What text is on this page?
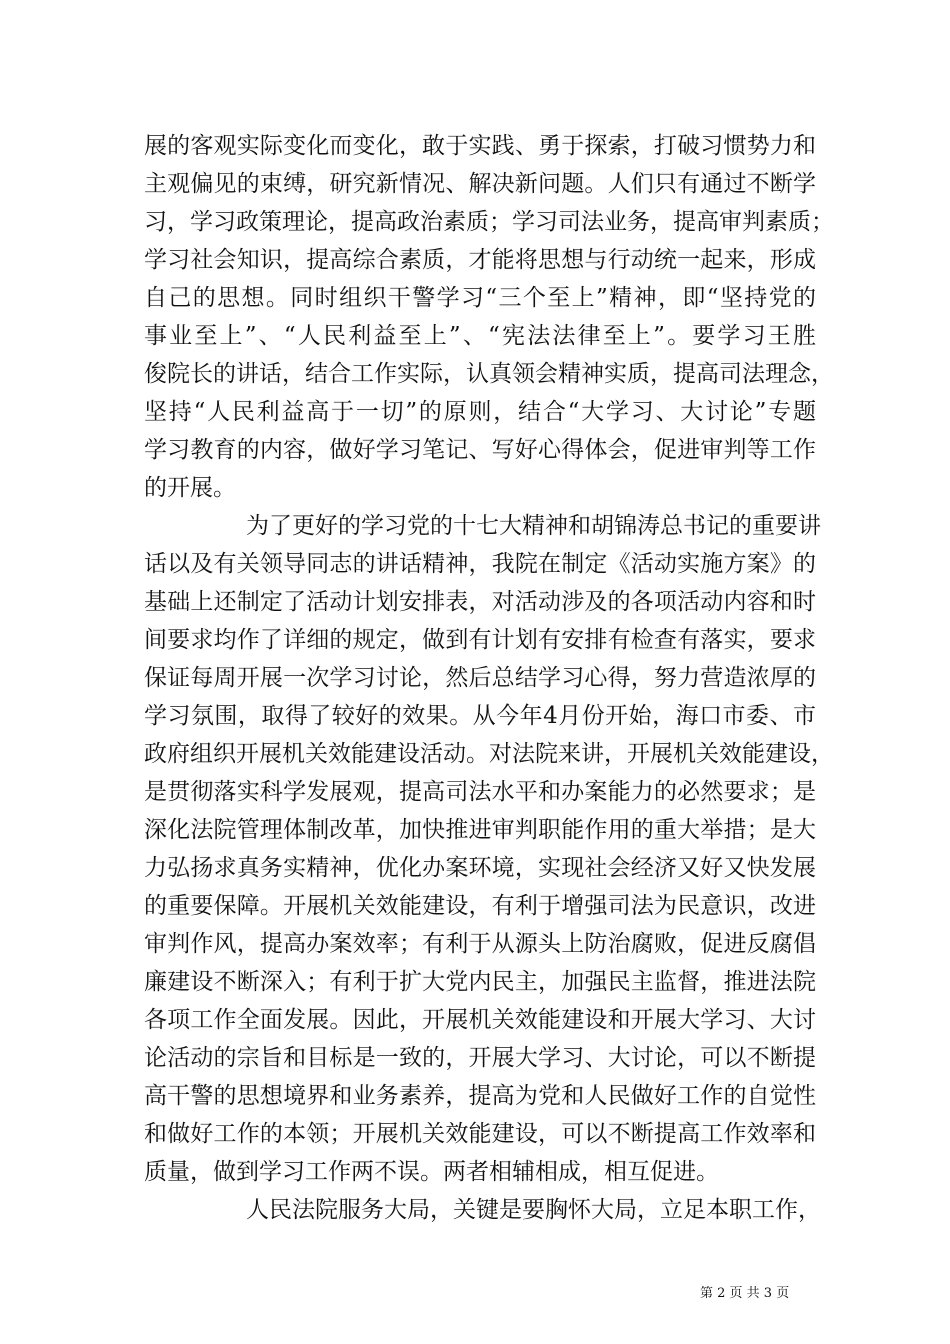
展的客观实际变化而变化，敢于实践、勇于探索，打破习惯势力和
主观偏见的束缚，研究新情况、解决新问题。人们只有通过不断学
习，学习政策理论，提高政治素质；学习司法业务，提高审判素质；
学习社会知识，提高综合素质，才能将思想与行动统一起来，形成
自己的思想。同时组织干警学习“三个至上”精神，即“坚持党的
事业至上”、“人民利益至上”、“宪法法律至上”。要学习王胜
俊院长的讲话，结合工作实际，认真领会精神实质，提高司法理念，
坚持“人民利益高于一切”的原则，结合“大学习、大讨论”专题
学习教育的内容，做好学习笔记、写好心得体会，促进审判等工作
的开展。
为了更好的学习党的十七大精神和胡锦涛总书记的重要讲
话以及有关领导同志的讲话精神，我院在制定《活动实施方案》的
基础上还制定了活动计划安排表，对活动涉及的各项活动内容和时
间要求均作了详细的规定，做到有计划有安排有检查有落实，要求
保证每周开展一次学习讨论，然后总结学习心得，努力营造浓厚的
学习氛围，取得了较好的效果。从今年4月份开始，海口市委、市
政府组织开展机关效能建设活动。对法院来讲，开展机关效能建设，
是贯彻落实科学发展观，提高司法水平和办案能力的必然要求；是
深化法院管理体制改革，加快推进审判职能作用的重大举措；是大
力弘扬求真务实精神，优化办案环境，实现社会经济又好又快发展
的重要保障。开展机关效能建设，有利于增强司法为民意识，改进
审判作风，提高办案效率；有利于从源头上防治腐败，促进反腐倡
廉建设不断深入；有利于扩大党内民主，加强民主监督，推进法院
各项工作全面发展。因此，开展机关效能建设和开展大学习、大讨
论活动的宗旨和目标是一致的，开展大学习、大讨论，可以不断提
高干警的思想境界和业务素养，提高为党和人民做好工作的自觉性
和做好工作的本领；开展机关效能建设，可以不断提高工作效率和
质量，做到学习工作两不误。两者相辅相成，相互促进。
人民法院服务大局，关键是要胸怀大局，立足本职工作，
第 2 页 共 3 页
